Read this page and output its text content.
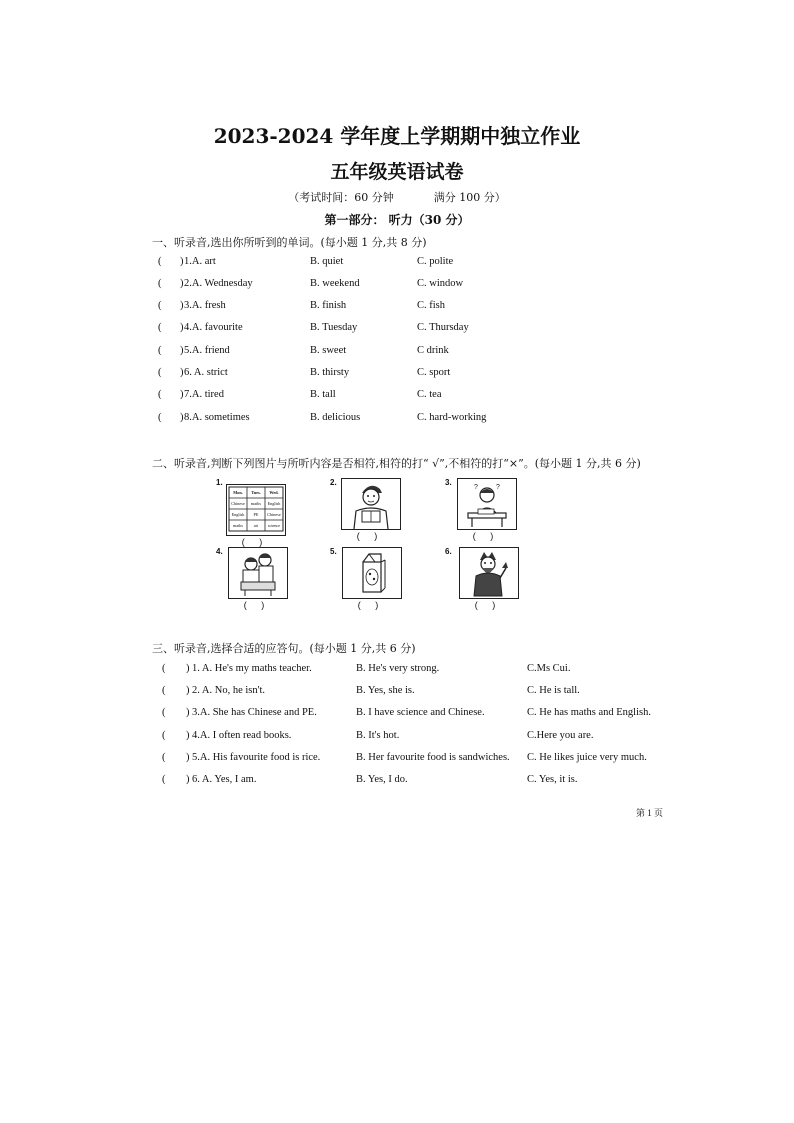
2023-2024 学年度上学期期中独立作业
五年级英语试卷
（考试时间：60 分钟	满分 100 分）
第一部分： 听力（30 分）
一、听录音,选出你所听到的单词。(每小题 1 分,共 8 分)
( ) 1.A. art	B. quiet	C. polite
( ) 2.A. Wednesday	B. weekend	C. window
( ) 3.A. fresh	B. finish	C. fish
( ) 4.A. favourite	B. Tuesday	C. Thursday
( ) 5.A. friend	B. sweet	C drink
( ) 6. A. strict	B. thirsty	C. sport
( ) 7.A. tired	B. tall	C. tea
( ) 8.A. sometimes	B. delicious	C. hard-working
二、听录音,判断下列图片与所听内容是否相符,相符的打“ √”,不相符的打“×”。(每小题 1 分,共 6 分)
1.
Mon. Tues. Wed.
Chinese maths English
English PE Chinese
maths	art science
( )
2.
( )
3.
?	?
( )
4.
( )
5.
( )
6.
( )
三、听录音,选择合适的应答句。(每小题 1 分,共 6 分)
( ) 1. A. He's my maths teacher.	B. He's very strong.	C.Ms Cui.
( ) 2. A. No, he isn't.	B. Yes, she is.	C. He is tall.
( ) 3.A. She has Chinese and PE.	B. I have science and Chinese.	C. He has maths and English.
( ) 4.A. I often read books.	B. It's hot.	C.Here you are.
( ) 5.A. His favourite food is rice.	B. Her favourite food is sandwiches. C. He likes juice very much.
( ) 6. A. Yes, I am.	B. Yes, I do.	C. Yes, it is.
第 1 页
